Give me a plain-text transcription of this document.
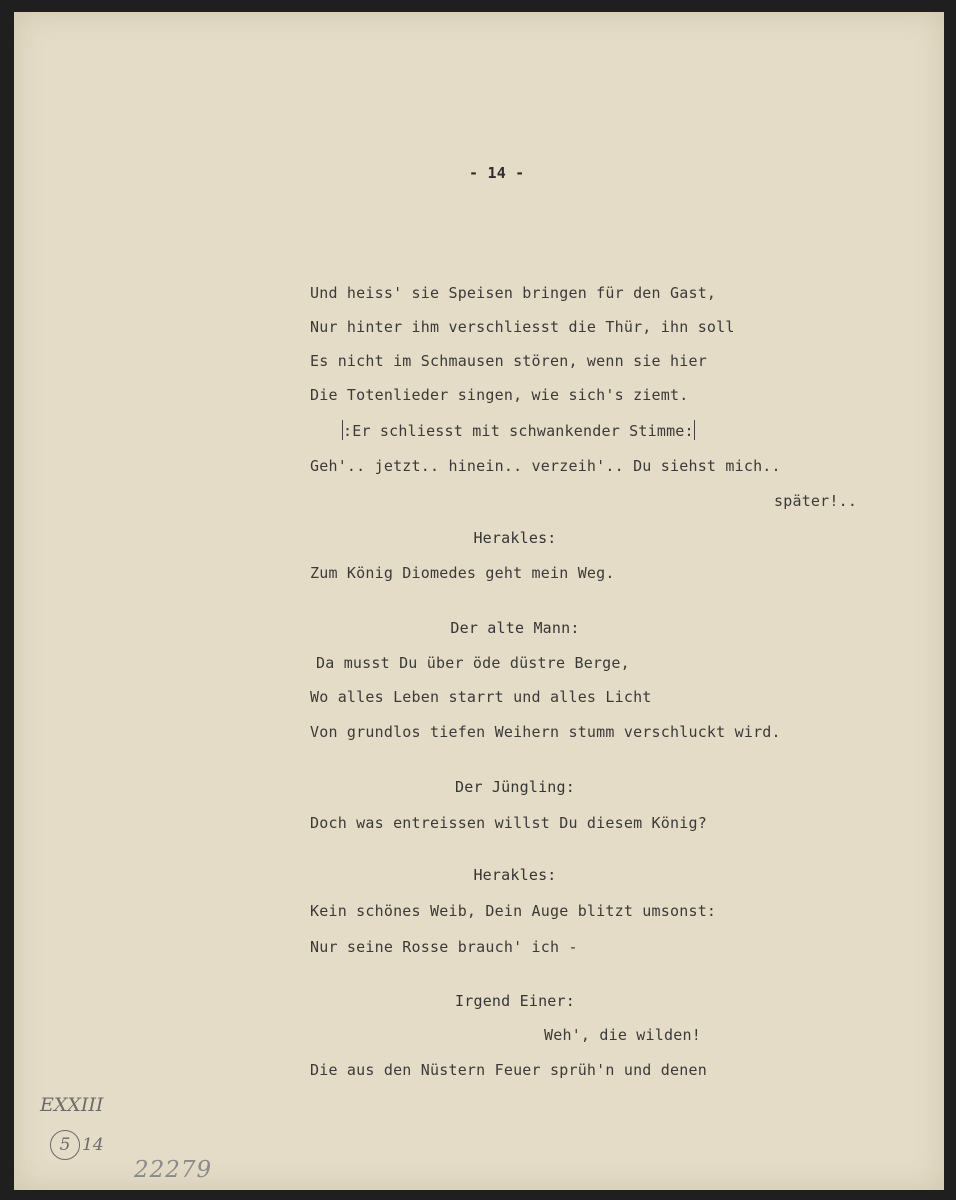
- 14 -
Und heiss' sie Speisen bringen für den Gast,
Nur hinter ihm verschliesst die Thür, ihn soll
Es nicht im Schmausen stören, wenn sie hier
Die Totenlieder singen, wie sich's ziemt.
:Er schliesst mit schwankender Stimme:
Geh'.. jetzt.. hinein.. verzeih'.. Du siehst mich..
später!..
Herakles:
Zum König Diomedes geht mein Weg.
Der alte Mann:
Da musst Du über öde düstre Berge,
Wo alles Leben starrt und alles Licht
Von grundlos tiefen Weihern stumm verschluckt wird.
Der Jüngling:
Doch was entreissen willst Du diesem König?
Herakles:
Kein schönes Weib, Dein Auge blitzt umsonst:
Nur seine Rosse brauch' ich -
Irgend Einer:
Weh', die wilden!
Die aus den Nüstern Feuer sprüh'n und denen
EXXIII
5 14
22279
